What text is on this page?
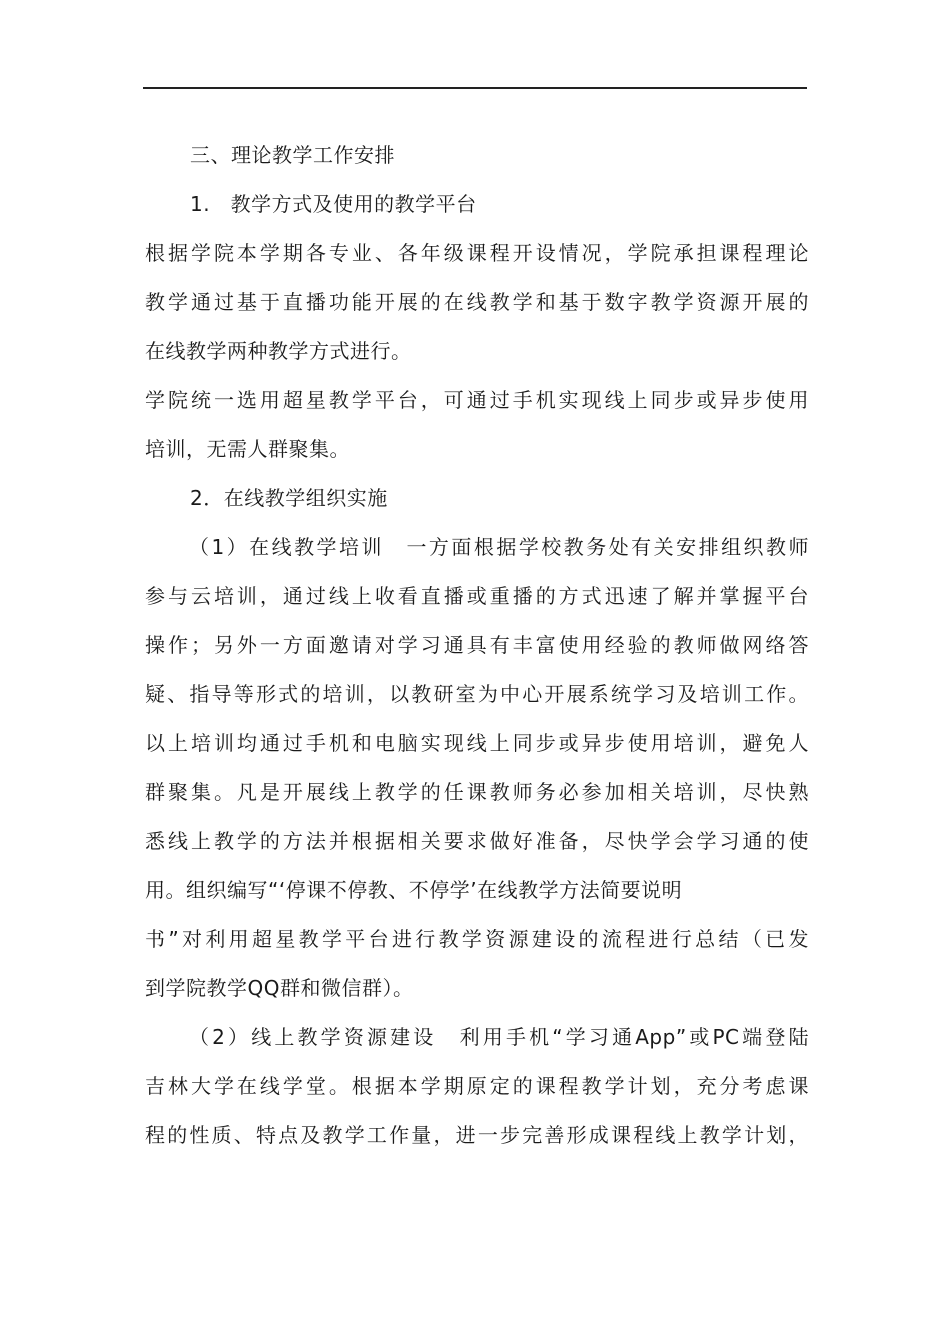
三、理论教学工作安排
1.　教学方式及使用的教学平台
根据学院本学期各专业、各年级课程开设情况，学院承担课程理论
教学通过基于直播功能开展的在线教学和基于数字教学资源开展的
在线教学两种教学方式进行。
学院统一选用超星教学平台，可通过手机实现线上同步或异步使用
培训，无需人群聚集。
2．在线教学组织实施
（1）在线教学培训　一方面根据学校教务处有关安排组织教师
参与云培训，通过线上收看直播或重播的方式迅速了解并掌握平台
操作；另外一方面邀请对学习通具有丰富使用经验的教师做网络答
疑、指导等形式的培训，以教研室为中心开展系统学习及培训工作。
以上培训均通过手机和电脑实现线上同步或异步使用培训，避免人
群聚集。凡是开展线上教学的任课教师务必参加相关培训，尽快熟
悉线上教学的方法并根据相关要求做好准备，尽快学会学习通的使
用。组织编写“‘停课不停教、不停学’在线教学方法简要说明
书”对利用超星教学平台进行教学资源建设的流程进行总结（已发
到学院教学QQ群和微信群）。
（2）线上教学资源建设　利用手机“学习通App”或PC端登陆
吉林大学在线学堂。根据本学期原定的课程教学计划，充分考虑课
程的性质、特点及教学工作量，进一步完善形成课程线上教学计划，
